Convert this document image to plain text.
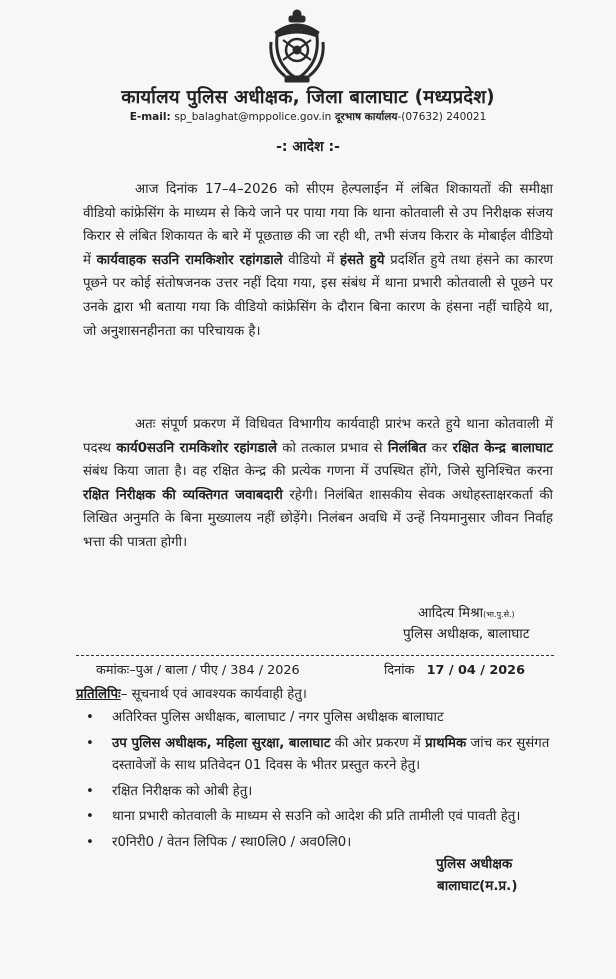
कार्यालय पुलिस अधीक्षक, जिला बालाघाट (मध्यप्रदेश)
E-mail: sp_balaghat@mppolice.gov.in दूरभाष कार्यालय-(07632) 240021
-: आदेश :-
आज दिनांक 17–4–2026 को सीएम हेल्पलाईन में लंबित शिकायतों की समीक्षा वीडियो कांफ्रेसिंग के माध्यम से किये जाने पर पाया गया कि थाना कोतवाली से उप निरीक्षक संजय किरार से लंबित शिकायत के बारे में पूछताछ की जा रही थी, तभी संजय किरार के मोबाईल वीडियो में कार्यवाहक सउनि रामकिशोर रहांगडाले वीडियो में हंसते हुये प्रदर्शित हुये तथा हंसने का कारण पूछने पर कोई संतोषजनक उत्तर नहीं दिया गया, इस संबंध में थाना प्रभारी कोतवाली से पूछने पर उनके द्वारा भी बताया गया कि वीडियो कांफ्रेसिंग के दौरान बिना कारण के हंसना नहीं चाहिये था, जो अनुशासनहीनता का परिचायक है।
अतः संपूर्ण प्रकरण में विधिवत विभागीय कार्यवाही प्रारंभ करते हुये थाना कोतवाली में पदस्थ कार्य0सउनि रामकिशोर रहांगडाले को तत्काल प्रभाव से निलंबित कर रक्षित केन्द्र बालाघाट संबंध किया जाता है। वह रक्षित केन्द्र की प्रत्येक गणना में उपस्थित होंगे, जिसे सुनिश्चित करना रक्षित निरीक्षक की व्यक्तिगत जवाबदारी रहेगी। निलंबित शासकीय सेवक अधोहस्ताक्षरकर्ता की लिखित अनुमति के बिना मुख्यालय नहीं छोड़ेंगे। निलंबन अवधि में उन्हें नियमानुसार जीवन निर्वाह भत्ता की पात्रता होगी।
आदित्य मिश्रा(भा.पु.से.)
पुलिस अधीक्षक, बालाघाट
कमांकः–पुअ / बाला / पीए / 384 / 2026	दिनांक 17 / 04 / 2026
प्रतिलिपिः– सूचनार्थ एवं आवश्यक कार्यवाही हेतु।
• अतिरिक्त पुलिस अधीक्षक, बालाघाट / नगर पुलिस अधीक्षक बालाघाट
• उप पुलिस अधीक्षक, महिला सुरक्षा, बालाघाट की ओर प्रकरण में प्राथमिक जांच कर सुसंगत दस्तावेजों के साथ प्रतिवेदन 01 दिवस के भीतर प्रस्तुत करने हेतु।
• रक्षित निरीक्षक को ओबी हेतु।
• थाना प्रभारी कोतवाली के माध्यम से सउनि को आदेश की प्रति तामीली एवं पावती हेतु।
• र0निरी0 / वेतन लिपिक / स्था0लि0 / अव0लि0।
पुलिस अधीक्षक
बालाघाट(म.प्र.)
